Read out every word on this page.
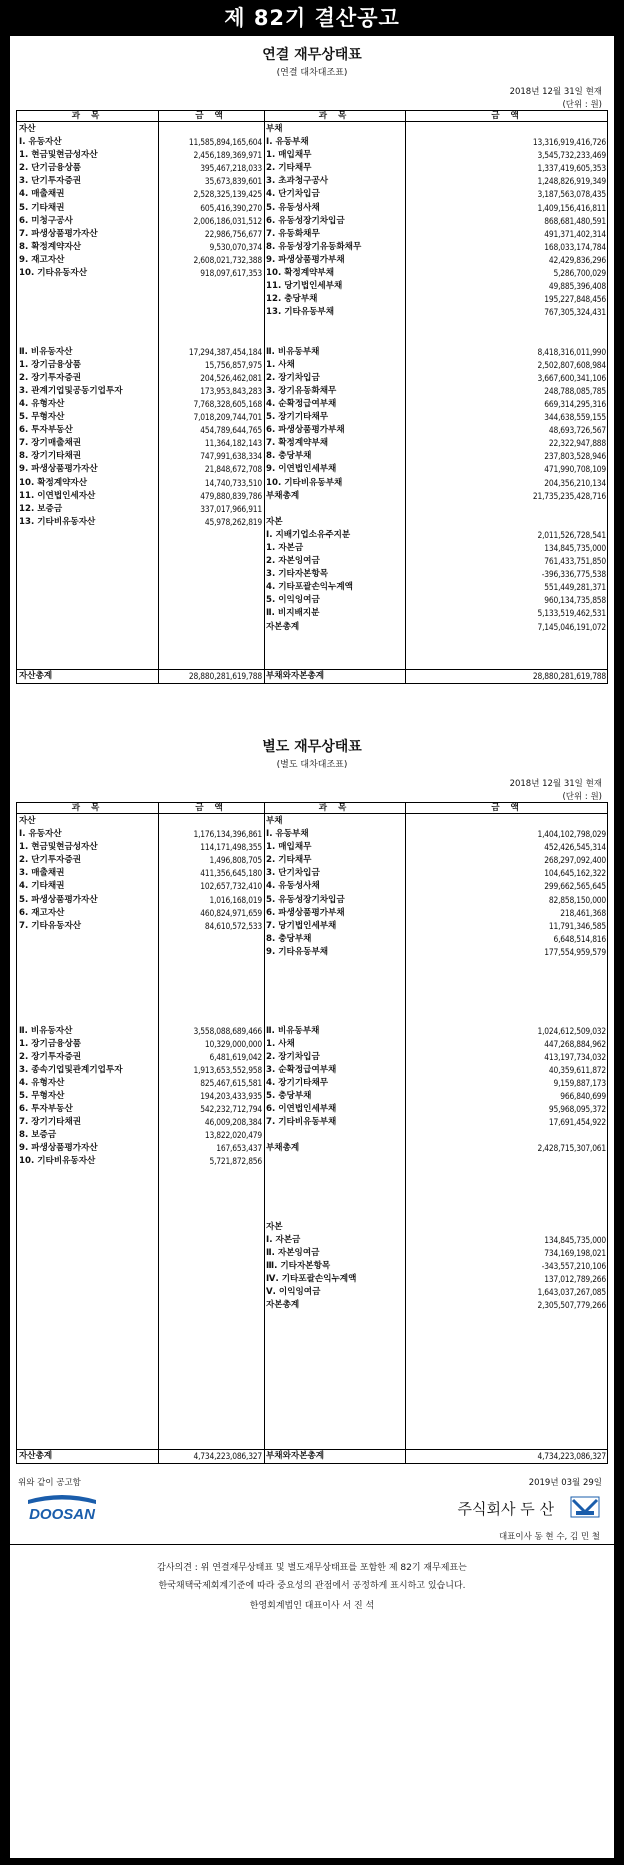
제 82기 결산공고
연결 재무상태표
(연결 대차대조표)
2018년 12월 31일 현재
(단위 : 원)
과 목	금 액	과 목	금 액
자산
Ⅰ. 유동자산	11,585,894,165,604
1. 현금및현금성자산	2,456,189,369,971
2. 단기금융상품	395,467,218,033
3. 단기투자증권	35,673,839,601
4. 매출채권	2,528,325,139,425
5. 기타채권	605,416,390,270
6. 미청구공사	2,006,186,031,512
7. 파생상품평가자산	22,986,756,677
8. 확정계약자산	9,530,070,374
9. 재고자산	2,608,021,732,388
10. 기타유동자산	918,097,617,353
Ⅱ. 비유동자산	17,294,387,454,184
1. 장기금융상품	15,756,857,975
2. 장기투자증권	204,526,462,081
3. 관계기업및공동기업투자	173,953,843,283
4. 유형자산	7,768,328,605,168
5. 무형자산	7,018,209,744,701
6. 투자부동산	454,789,644,765
7. 장기매출채권	11,364,182,143
8. 장기기타채권	747,991,638,334
9. 파생상품평가자산	21,848,672,708
10. 확정계약자산	14,740,733,510
11. 이연법인세자산	479,880,839,786
12. 보증금	337,017,966,911
13. 기타비유동자산	45,978,262,819
부채
Ⅰ. 유동부채	13,316,919,416,726
1. 매입채무	3,545,732,233,469
2. 기타채무	1,337,419,605,353
3. 초과청구공사	1,248,826,919,349
4. 단기차입금	3,187,563,078,435
5. 유동성사채	1,409,156,416,811
6. 유동성장기차입금	868,681,480,591
7. 유동화채무	491,371,402,314
8. 유동성장기유동화채무	168,033,174,784
9. 파생상품평가부채	42,429,836,296
10. 확정계약부채	5,286,700,029
11. 당기법인세부채	49,885,396,408
12. 충당부채	195,227,848,456
13. 기타유동부채	767,305,324,431
Ⅱ. 비유동부채	8,418,316,011,990
1. 사채	2,502,807,608,984
2. 장기차입금	3,667,600,341,106
3. 장기유동화채무	248,788,085,785
4. 순확정급여부채	669,314,295,316
5. 장기기타채무	344,638,559,155
6. 파생상품평가부채	48,693,726,567
7. 확정계약부채	22,322,947,888
8. 충당부채	237,803,528,946
9. 이연법인세부채	471,990,708,109
10. 기타비유동부채	204,356,210,134
부채총계	21,735,235,428,716
자본
Ⅰ. 지배기업소유주지분	2,011,526,728,541
1. 자본금	134,845,735,000
2. 자본잉여금	761,433,751,850
3. 기타자본항목	-396,336,775,538
4. 기타포괄손익누계액	551,449,281,371
5. 이익잉여금	960,134,735,858
Ⅱ. 비지배지분	5,133,519,462,531
자본총계	7,145,046,191,072
자산총계	28,880,281,619,788 부채와자본총계	28,880,281,619,788
별도 재무상태표
(별도 대차대조표)
2018년 12월 31일 현재
(단위 : 원)
과 목	금 액	과 목	금 액
자산
Ⅰ. 유동자산	1,176,134,396,861
1. 현금및현금성자산	114,171,498,355
2. 단기투자증권	1,496,808,705
3. 매출채권	411,356,645,180
4. 기타채권	102,657,732,410
5. 파생상품평가자산	1,016,168,019
6. 재고자산	460,824,971,659
7. 기타유동자산	84,610,572,533
Ⅱ. 비유동자산	3,558,088,689,466
1. 장기금융상품	10,329,000,000
2. 장기투자증권	6,481,619,042
3. 종속기업및관계기업투자	1,913,653,552,958
4. 유형자산	825,467,615,581
5. 무형자산	194,203,433,935
6. 투자부동산	542,232,712,794
7. 장기기타채권	46,009,208,384
8. 보증금	13,822,020,479
9. 파생상품평가자산	167,653,437
10. 기타비유동자산	5,721,872,856
부채
Ⅰ. 유동부채	1,404,102,798,029
1. 매입채무	452,426,545,314
2. 기타채무	268,297,092,400
3. 단기차입금	104,645,162,322
4. 유동성사채	299,662,565,645
5. 유동성장기차입금	82,858,150,000
6. 파생상품평가부채	218,461,368
7. 당기법인세부채	11,791,346,585
8. 충당부채	6,648,514,816
9. 기타유동부채	177,554,959,579
Ⅱ. 비유동부채	1,024,612,509,032
1. 사채	447,268,884,962
2. 장기차입금	413,197,734,032
3. 순확정급여부채	40,359,611,872
4. 장기기타채무	9,159,887,173
5. 충당부채	966,840,699
6. 이연법인세부채	95,968,095,372
7. 기타비유동부채	17,691,454,922
부채총계	2,428,715,307,061
자본
Ⅰ. 자본금	134,845,735,000
Ⅱ. 자본잉여금	734,169,198,021
Ⅲ. 기타자본항목	-343,557,210,106
Ⅳ. 기타포괄손익누계액	137,012,789,266
Ⅴ. 이익잉여금	1,643,037,267,085
자본총계	2,305,507,779,266
자산총계	4,734,223,086,327 부채와자본총계	4,734,223,086,327
위와 같이 공고함	2019년 03월 29일
DOOSAN	주식회사 두 산
대표이사 동 현 수, 김 민 철
감사의견 : 위 연결재무상태표 및 별도재무상태표를 포함한 제 82기 재무제표는
한국채택국제회계기준에 따라 중요성의 관점에서 공정하게 표시하고 있습니다.
한영회계법인 대표이사 서 진 석
